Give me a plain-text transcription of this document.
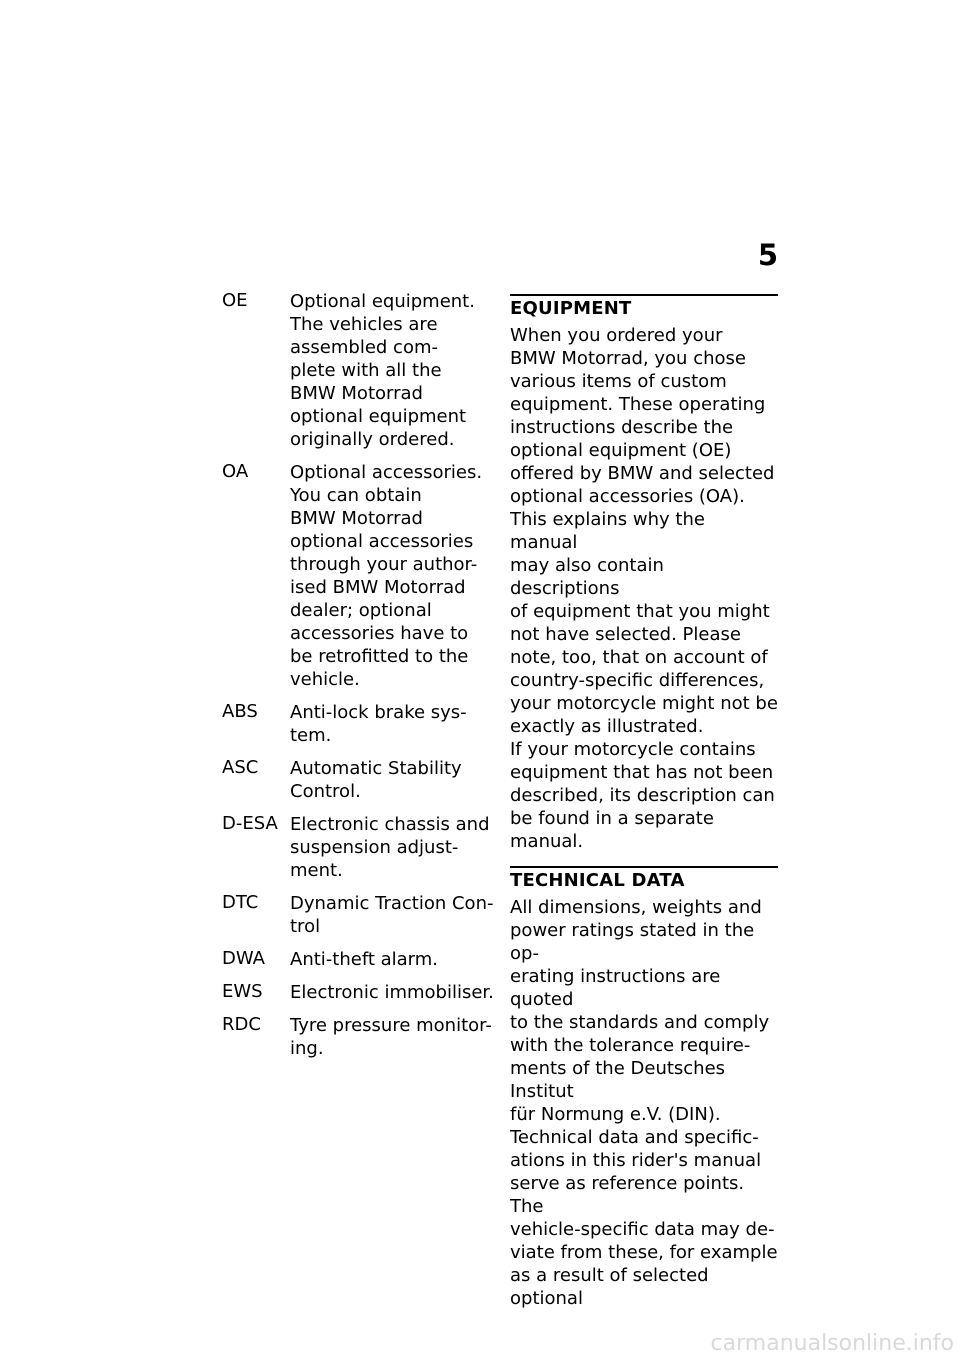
5
OE	Optional equipment.
The vehicles are
assembled com-
plete with all the
BMW Motorrad
optional equipment
originally ordered.
OA	Optional accessories.
You can obtain
BMW Motorrad
optional accessories
through your author-
ised BMW Motorrad
dealer; optional
accessories have to
be retrofitted to the
vehicle.
ABS	Anti-lock brake sys-
tem.
ASC	Automatic Stability
Control.
D-ESA Electronic chassis and
suspension adjust-
ment.
DTC	Dynamic Traction Con-
trol
DWA	Anti-theft alarm.
EWS	Electronic immobiliser.
RDC	Tyre pressure monitor-
ing.
EQUIPMENT

When you ordered your
BMW Motorrad, you chose
various items of custom
equipment. These operating
instructions describe the
optional equipment (OE)
offered by BMW and selected
optional accessories (OA).

This explains why the manual
may also contain descriptions
of equipment that you might
not have selected. Please
note, too, that on account of
country-specific differences,
your motorcycle might not be
exactly as illustrated.

If your motorcycle contains
equipment that has not been
described, its description can
be found in a separate manual.

TECHNICAL DATA

All dimensions, weights and
power ratings stated in the op-
erating instructions are quoted
to the standards and comply
with the tolerance require-
ments of the Deutsches Institut
für Normung e.V. (DIN).

Technical data and specific-
ations in this rider's manual
serve as reference points. The
vehicle-specific data may de-
viate from these, for example
as a result of selected optional

carmanualsonline.info
